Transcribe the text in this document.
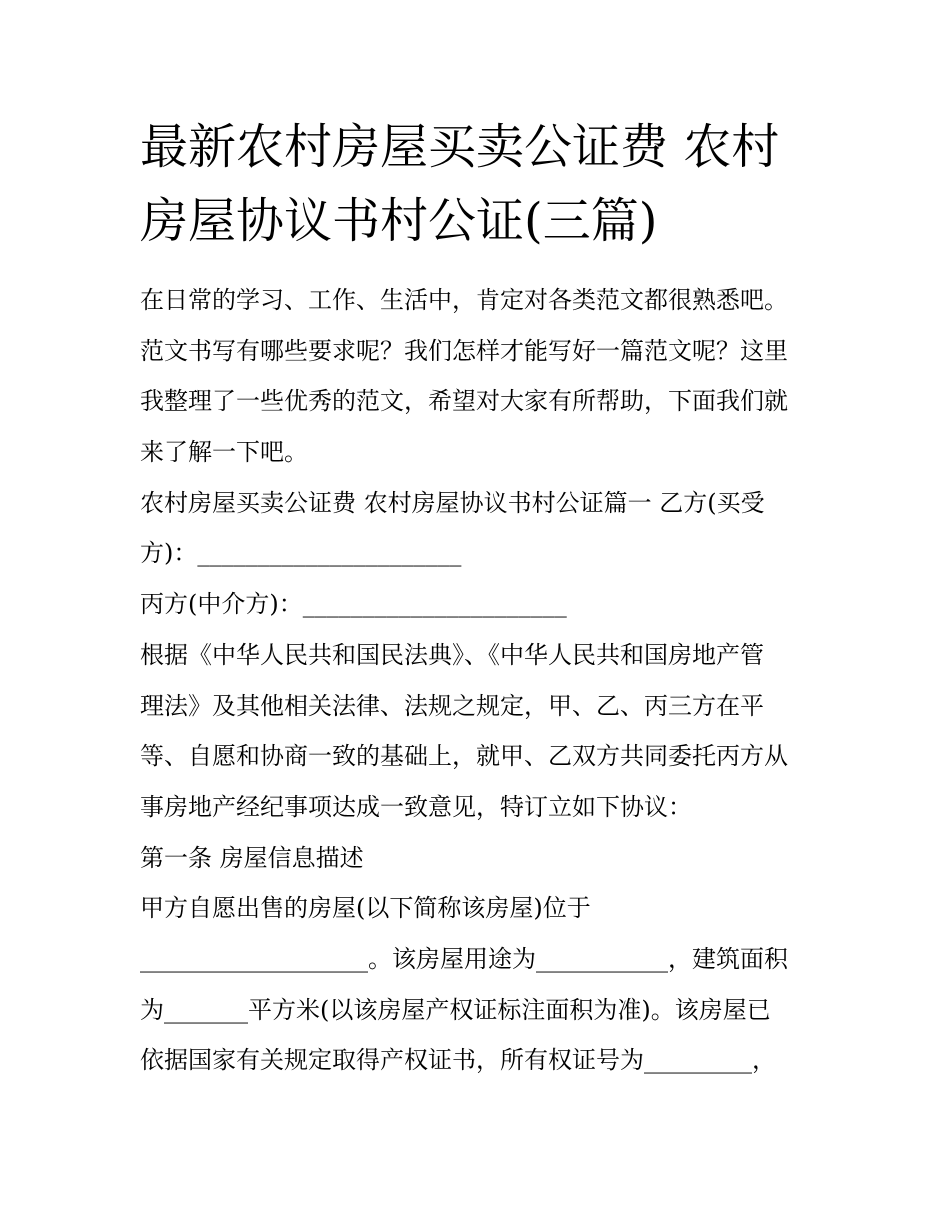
最新农村房屋买卖公证费 农村
房屋协议书村公证(三篇)
在日常的学习、工作、生活中，肯定对各类范文都很熟悉吧。
范文书写有哪些要求呢？我们怎样才能写好一篇范文呢？这里
我整理了一些优秀的范文，希望对大家有所帮助，下面我们就
来了解一下吧。
农村房屋买卖公证费 农村房屋协议书村公证篇一 乙方(买受
方)：______________________
丙方(中介方)：______________________
根据《中华人民共和国民法典》、《中华人民共和国房地产管
理法》及其他相关法律、法规之规定，甲、乙、丙三方在平
等、自愿和协商一致的基础上，就甲、乙双方共同委托丙方从
事房地产经纪事项达成一致意见，特订立如下协议：
第一条 房屋信息描述
甲方自愿出售的房屋(以下简称该房屋)位于
___________________。该房屋用途为___________，建筑面积
为_______平方米(以该房屋产权证标注面积为准)。该房屋已
依据国家有关规定取得产权证书，所有权证号为_________，
